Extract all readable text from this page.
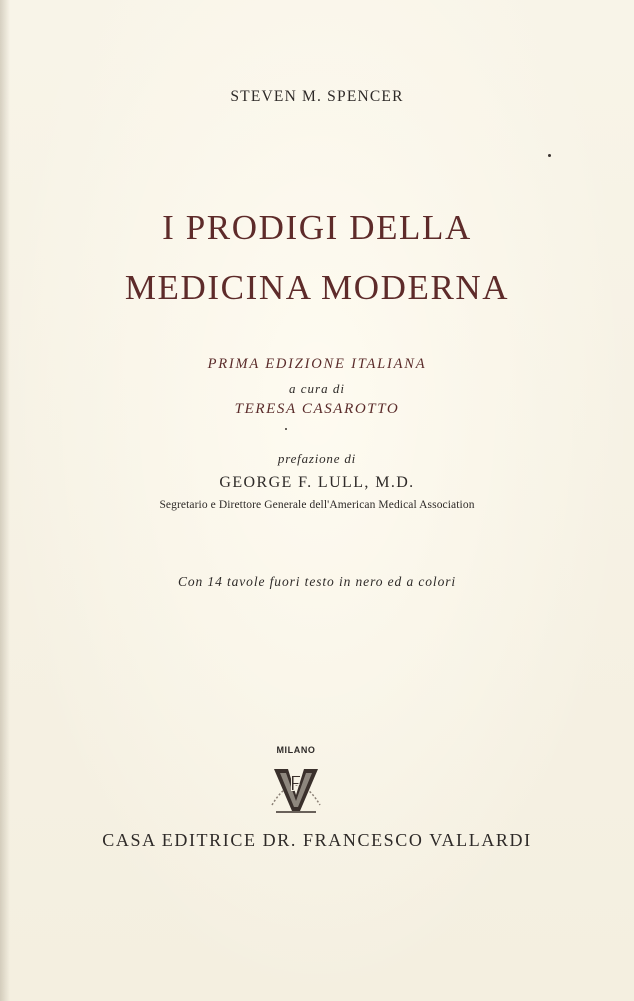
STEVEN M. SPENCER
I PRODIGI DELLA
MEDICINA MODERNA
PRIMA EDIZIONE ITALIANA
a cura di
TERESA CASAROTTO
prefazione di
GEORGE F. LULL, M.D.
Segretario e Direttore Generale dell'American Medical Association
Con 14 tavole fuori testo in nero ed a colori
MILANO
CASA EDITRICE DR. FRANCESCO VALLARDI
